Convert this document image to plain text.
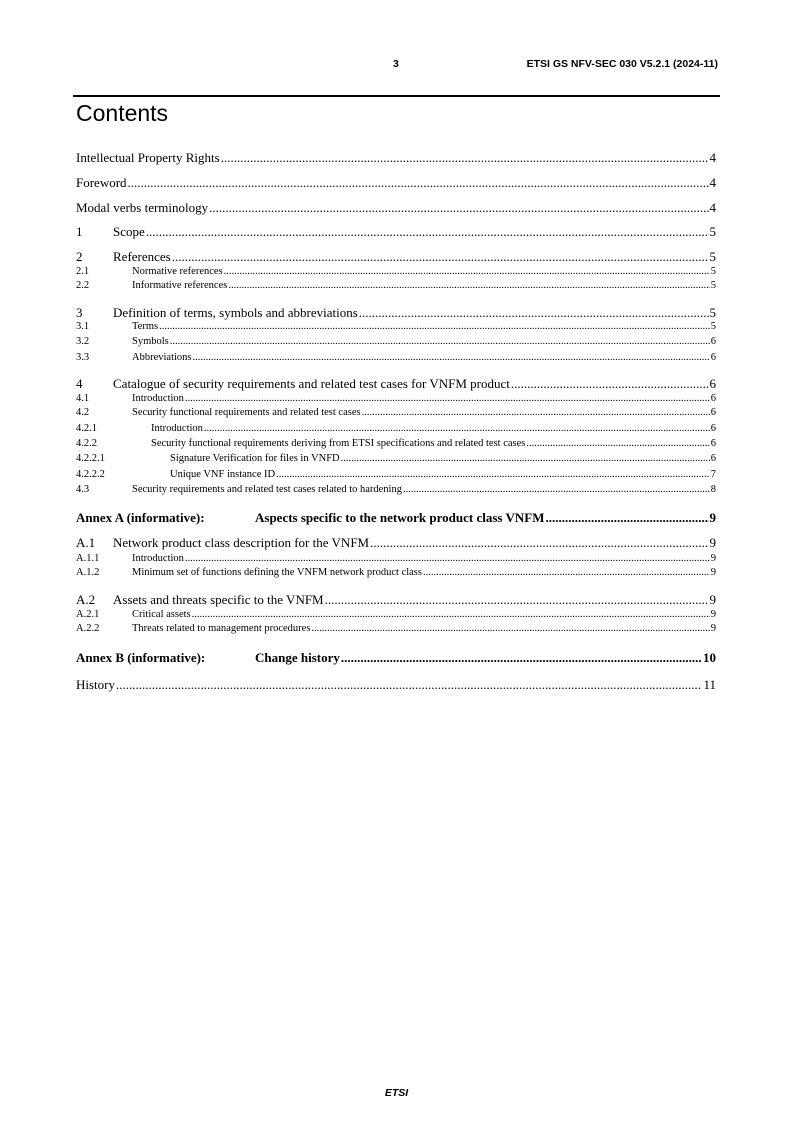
3	ETSI GS NFV-SEC 030 V5.2.1 (2024-11)
Contents
Intellectual Property Rights .....	4
Foreword .....	4
Modal verbs terminology .....	4
1	Scope .....	5
2	References .....	5
2.1	Normative references .....	5
2.2	Informative references .....	5
3	Definition of terms, symbols and abbreviations .....	5
3.1	Terms .....	5
3.2	Symbols .....	6
3.3	Abbreviations .....	6
4	Catalogue of security requirements and related test cases for VNFM product .....	6
4.1	Introduction .....	6
4.2	Security functional requirements and related test cases .....	6
4.2.1	Introduction .....	6
4.2.2	Security functional requirements deriving from ETSI specifications and related test cases .....	6
4.2.2.1	Signature Verification for files in VNFD .....	6
4.2.2.2	Unique VNF instance ID .....	7
4.3	Security requirements and related test cases related to hardening .....	8
Annex A (informative):	Aspects specific to the network product class VNFM .....	9
A.1	Network product class description for the VNFM .....	9
A.1.1	Introduction .....	9
A.1.2	Minimum set of functions defining the VNFM network product class .....	9
A.2	Assets and threats specific to the VNFM .....	9
A.2.1	Critical assets .....	9
A.2.2	Threats related to management procedures .....	9
Annex B (informative):	Change history .....	10
History .....	11
ETSI
